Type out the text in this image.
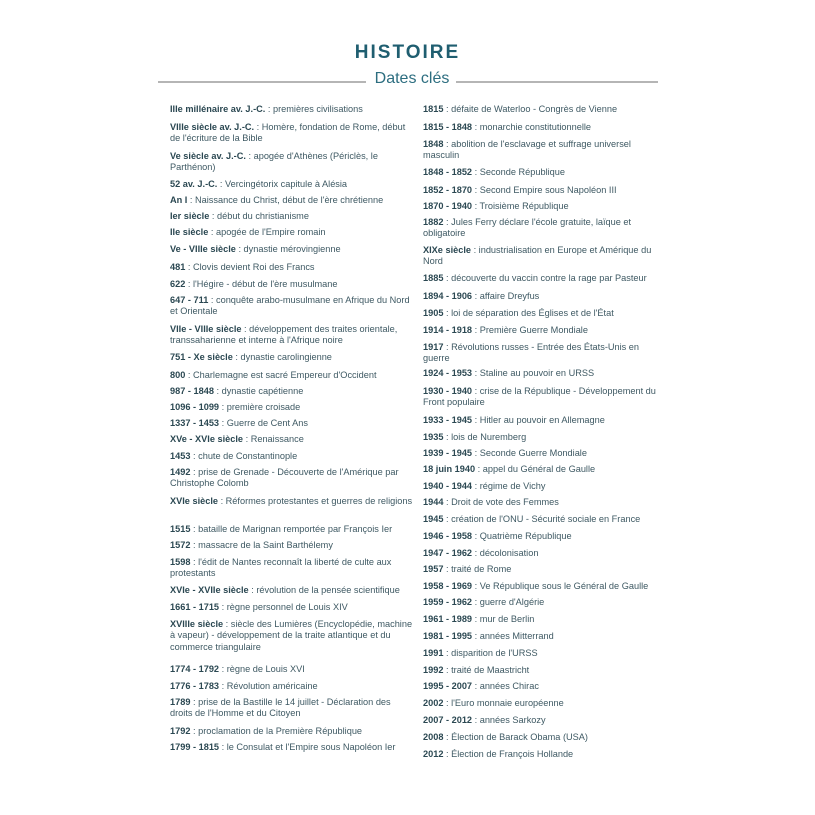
HISTOIRE
Dates clés
IIIe millénaire av. J.-C. : premières civilisations
VIIIe siècle av. J.-C. : Homère, fondation de Rome, début de l'écriture de la Bible
Ve siècle av. J.-C. : apogée d'Athènes (Périclès, le Parthénon)
52 av. J.-C. : Vercingétorix capitule à Alésia
An I : Naissance du Christ, début de l'ère chrétienne
Ier siècle : début du christianisme
IIe siècle : apogée de l'Empire romain
Ve - VIIIe siècle : dynastie mérovingienne
481 : Clovis devient Roi des Francs
622 : l'Hégire - début de l'ère musulmane
647 - 711 : conquête arabo-musulmane en Afrique du Nord et Orientale
VIIe - VIIIe siècle : développement des traites orientale, transsaharienne et interne à l'Afrique noire
751 - Xe siècle : dynastie carolingienne
800 : Charlemagne est sacré Empereur d'Occident
987 - 1848 : dynastie capétienne
1096 - 1099 : première croisade
1337 - 1453 : Guerre de Cent Ans
XVe - XVIe siècle : Renaissance
1453 : chute de Constantinople
1492 : prise de Grenade - Découverte de l'Amérique par Christophe Colomb
XVIe siècle : Réformes protestantes et guerres de religions
1515 : bataille de Marignan remportée par François Ier
1572 : massacre de la Saint Barthélemy
1598 : l'édit de Nantes reconnaît la liberté de culte aux protestants
XVIe - XVIIe siècle : révolution de la pensée scientifique
1661 - 1715 : règne personnel de Louis XIV
XVIIIe siècle : siècle des Lumières (Encyclopédie, machine à vapeur) - développement de la traite atlantique et du commerce triangulaire
1774 - 1792 : règne de Louis XVI
1776 - 1783 : Révolution américaine
1789 : prise de la Bastille le 14 juillet - Déclaration des droits de l'Homme et du Citoyen
1792 : proclamation de la Première République
1799 - 1815 : le Consulat et l'Empire sous Napoléon Ier
1815 : défaite de Waterloo - Congrès de Vienne
1815 - 1848 : monarchie constitutionnelle
1848 : abolition de l'esclavage et suffrage universel masculin
1848 - 1852 : Seconde République
1852 - 1870 : Second Empire sous Napoléon III
1870 - 1940 : Troisième République
1882 : Jules Ferry déclare l'école gratuite, laïque et obligatoire
XIXe siècle : industrialisation en Europe et Amérique du Nord
1885 : découverte du vaccin contre la rage par Pasteur
1894 - 1906 : affaire Dreyfus
1905 : loi de séparation des Églises et de l'État
1914 - 1918 : Première Guerre Mondiale
1917 : Révolutions russes - Entrée des États-Unis en guerre
1924 - 1953 : Staline au pouvoir en URSS
1930 - 1940 : crise de la République - Développement du Front populaire
1933 - 1945 : Hitler au pouvoir en Allemagne
1935 : lois de Nuremberg
1939 - 1945 : Seconde Guerre Mondiale
18 juin 1940 : appel du Général de Gaulle
1940 - 1944 : régime de Vichy
1944 : Droit de vote des Femmes
1945 : création de l'ONU - Sécurité sociale en France
1946 - 1958 : Quatrième République
1947 - 1962 : décolonisation
1957 : traité de Rome
1958 - 1969 : Ve République sous le Général de Gaulle
1959 - 1962 : guerre d'Algérie
1961 - 1989 : mur de Berlin
1981 - 1995 : années Mitterrand
1991 : disparition de l'URSS
1992 : traité de Maastricht
1995 - 2007 : années Chirac
2002 : l'Euro monnaie européenne
2007 - 2012 : années Sarkozy
2008 : Élection de Barack Obama (USA)
2012 : Élection de François Hollande
